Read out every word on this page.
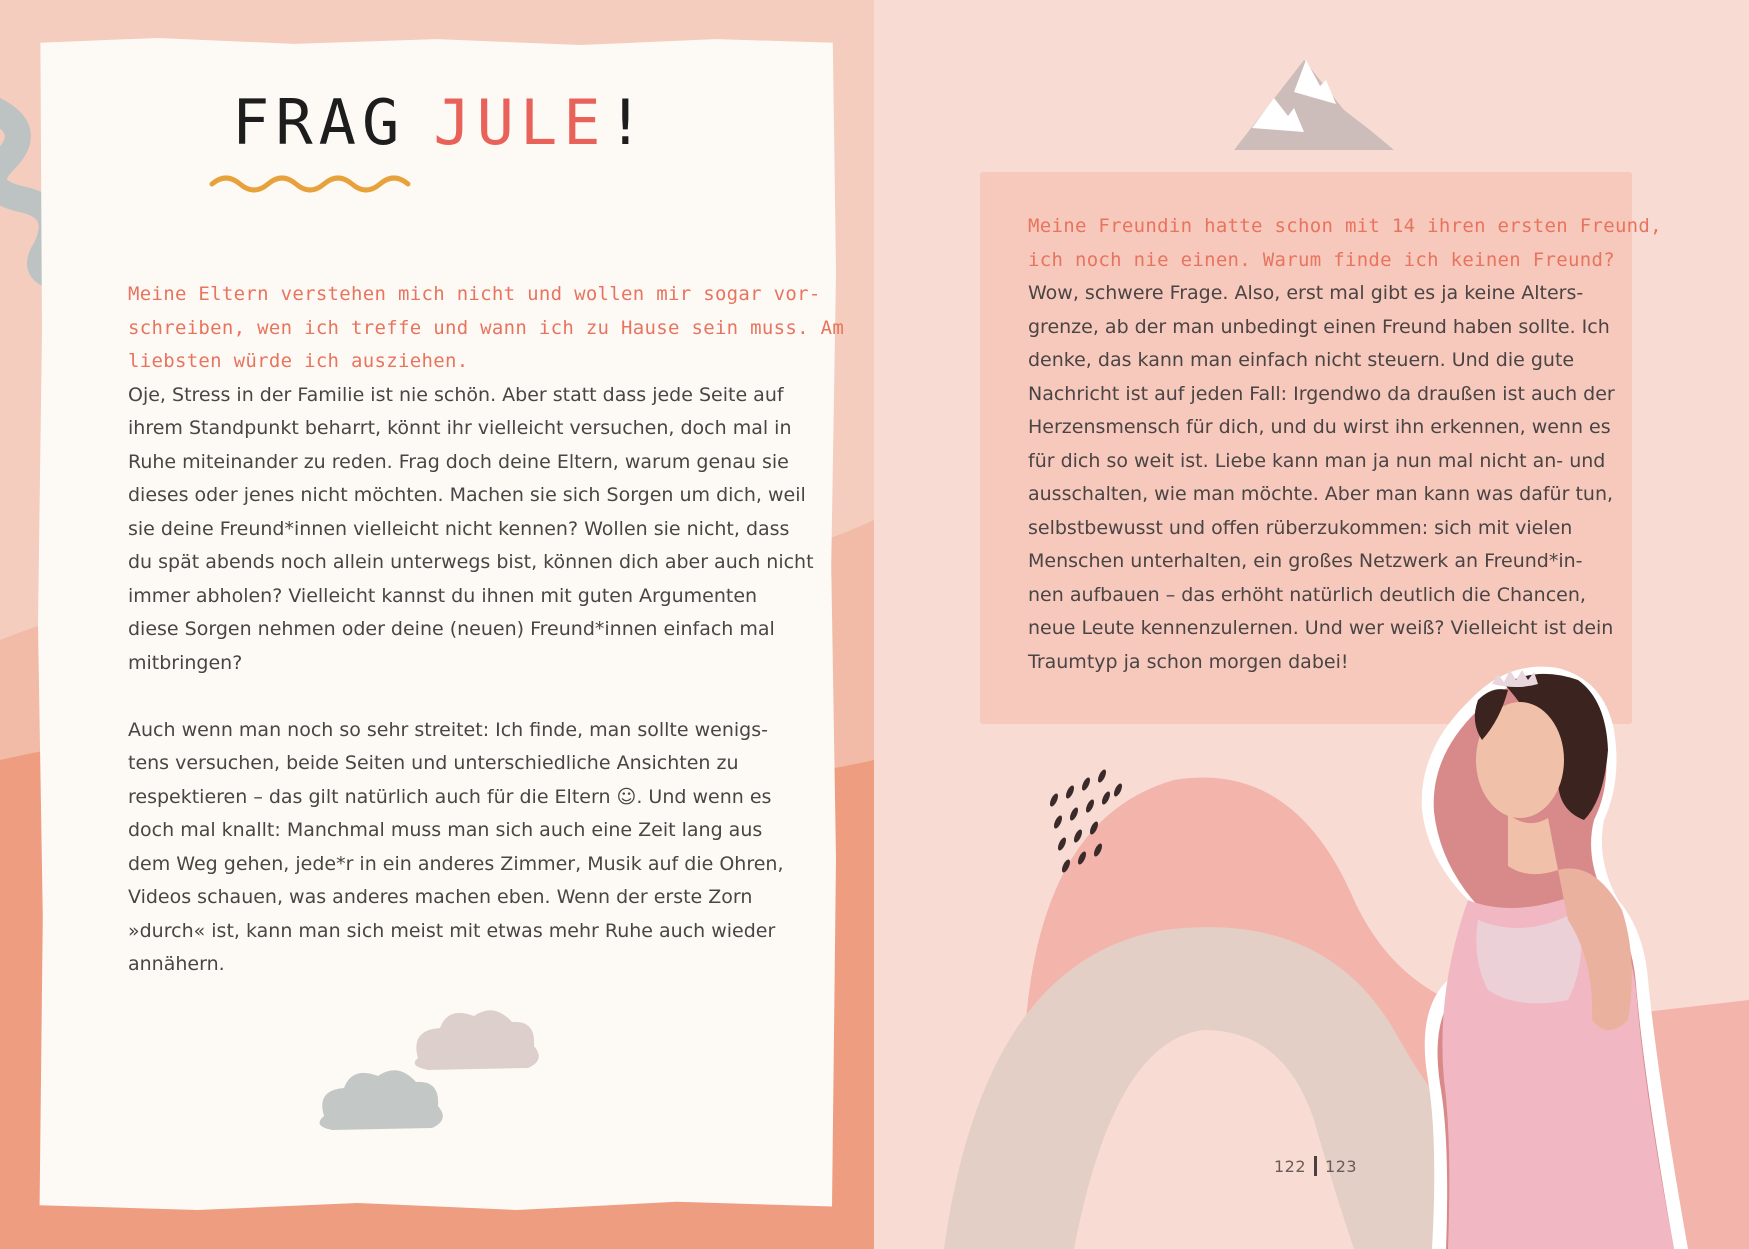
FRAG JULE!

Meine Eltern verstehen mich nicht und wollen mir sogar vor-

schreiben, wen ich treffe und wann ich zu Hause sein muss. Am

liebsten würde ich ausziehen.

Oje, Stress in der Familie ist nie schön. Aber statt dass jede Seite auf

ihrem Standpunkt beharrt, könnt ihr vielleicht versuchen, doch mal in

Ruhe miteinander zu reden. Frag doch deine Eltern, warum genau sie

dieses oder jenes nicht möchten. Machen sie sich Sorgen um dich, weil

sie deine Freund*innen vielleicht nicht kennen? Wollen sie nicht, dass

du spät abends noch allein unterwegs bist, können dich aber auch nicht

immer abholen? Vielleicht kannst du ihnen mit guten Argumenten

diese Sorgen nehmen oder deine (neuen) Freund*innen einfach mal

mitbringen?

Auch wenn man noch so sehr streitet: Ich finde, man sollte wenigs-

tens versuchen, beide Seiten und unterschiedliche Ansichten zu

respektieren – das gilt natürlich auch für die Eltern ☺. Und wenn es

doch mal knallt: Manchmal muss man sich auch eine Zeit lang aus

dem Weg gehen, jede*r in ein anderes Zimmer, Musik auf die Ohren,

Videos schauen, was anderes machen eben. Wenn der erste Zorn

»durch« ist, kann man sich meist mit etwas mehr Ruhe auch wieder

annähern.

Meine Freundin hatte schon mit 14 ihren ersten Freund,

ich noch nie einen. Warum finde ich keinen Freund?

Wow, schwere Frage. Also, erst mal gibt es ja keine Alters-

grenze, ab der man unbedingt einen Freund haben sollte. Ich

denke, das kann man einfach nicht steuern. Und die gute

Nachricht ist auf jeden Fall: Irgendwo da draußen ist auch der

Herzensmensch für dich, und du wirst ihn erkennen, wenn es

für dich so weit ist. Liebe kann man ja nun mal nicht an- und

ausschalten, wie man möchte. Aber man kann was dafür tun,

selbstbewusst und offen rüberzukommen: sich mit vielen

Menschen unterhalten, ein großes Netzwerk an Freund*in-

nen aufbauen – das erhöht natürlich deutlich die Chancen,

neue Leute kennenzulernen. Und wer weiß? Vielleicht ist dein

Traumtyp ja schon morgen dabei!

122 123
